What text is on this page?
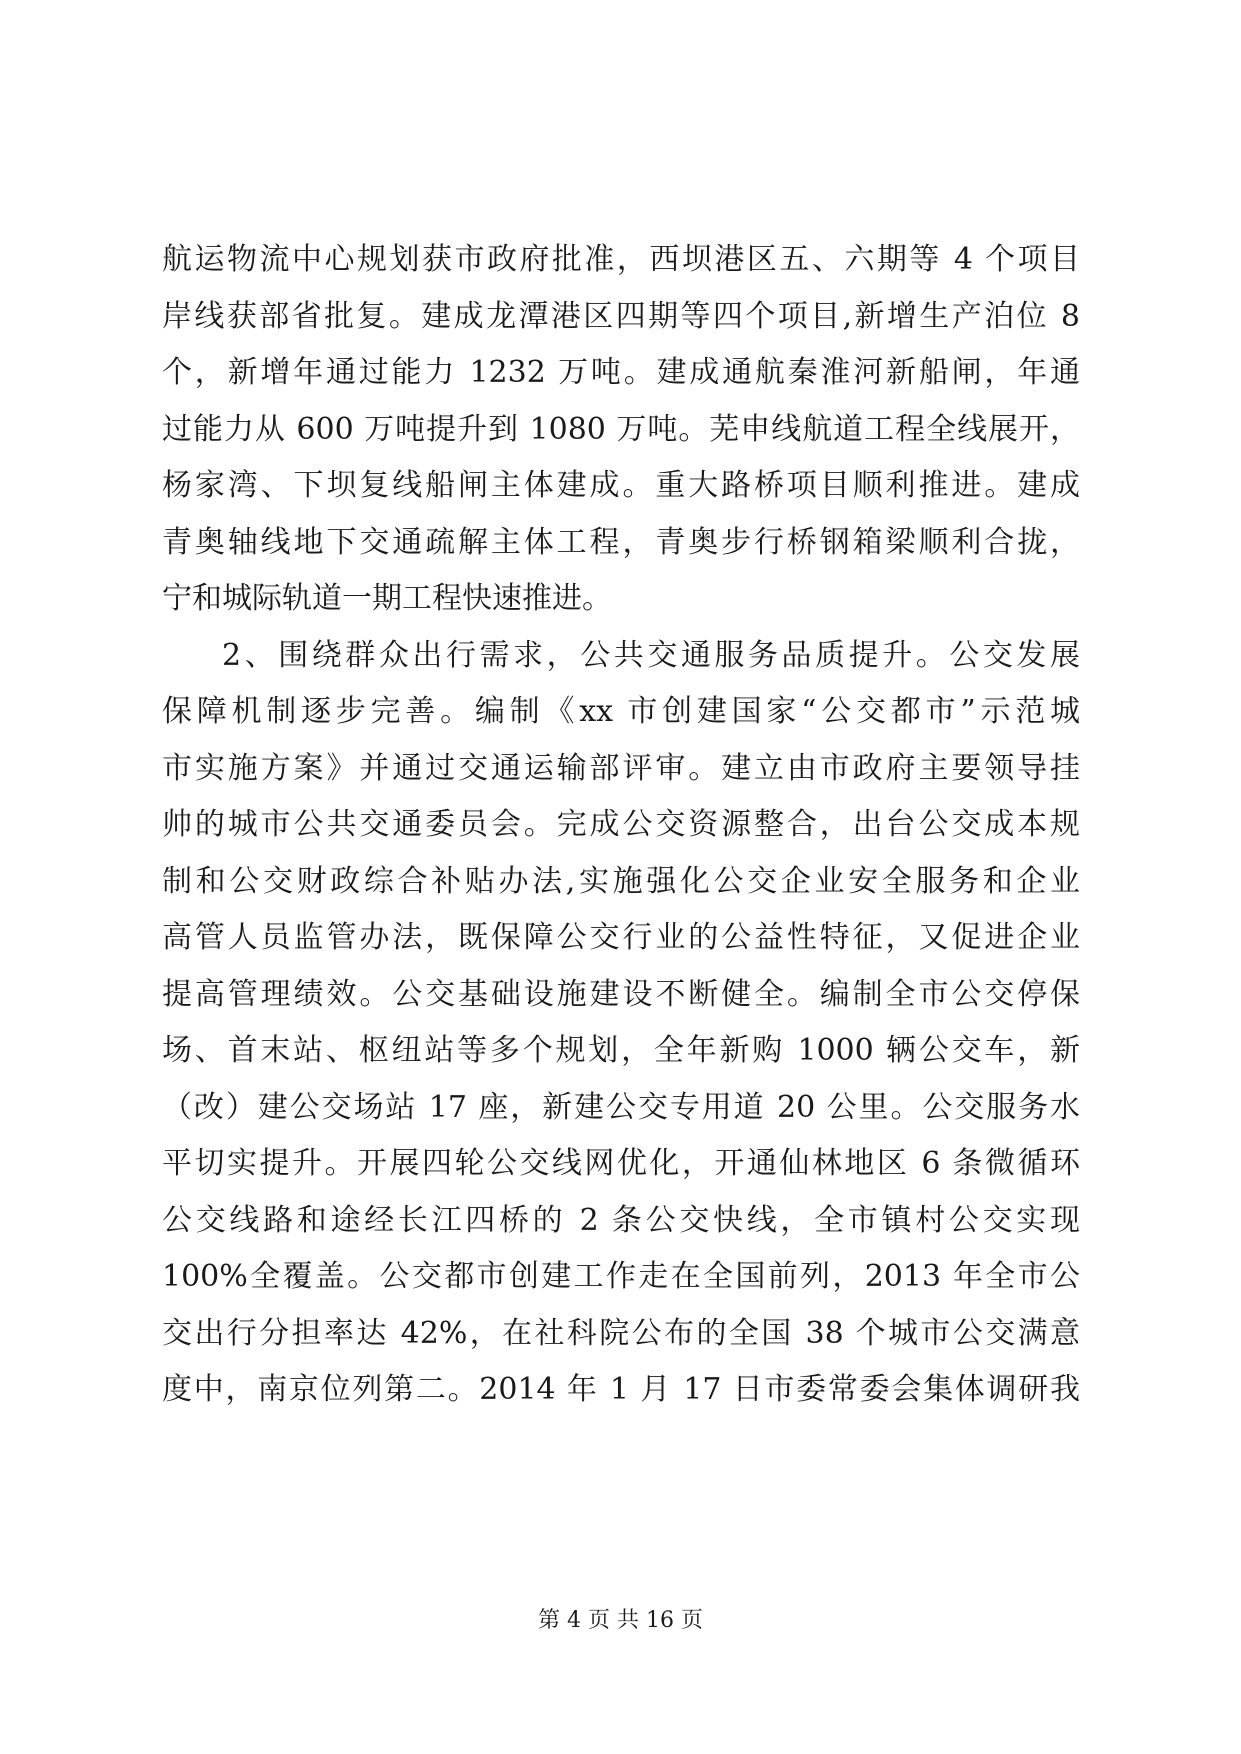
航运物流中心规划获市政府批准，西坝港区五、六期等 4 个项目
岸线获部省批复。建成龙潭港区四期等四个项目,新增生产泊位 8
个，新增年通过能力 1232 万吨。建成通航秦淮河新船闸，年通
过能力从 600 万吨提升到 1080 万吨。芜申线航道工程全线展开，
杨家湾、下坝复线船闸主体建成。重大路桥项目顺利推进。建成
青奥轴线地下交通疏解主体工程，青奥步行桥钢箱梁顺利合拢，
宁和城际轨道一期工程快速推进。
2、围绕群众出行需求，公共交通服务品质提升。公交发展
保障机制逐步完善。编制《xx 市创建国家“公交都市”示范城
市实施方案》并通过交通运输部评审。建立由市政府主要领导挂
帅的城市公共交通委员会。完成公交资源整合，出台公交成本规
制和公交财政综合补贴办法,实施强化公交企业安全服务和企业
高管人员监管办法，既保障公交行业的公益性特征，又促进企业
提高管理绩效。公交基础设施建设不断健全。编制全市公交停保
场、首末站、枢纽站等多个规划，全年新购 1000 辆公交车，新
（改）建公交场站 17 座，新建公交专用道 20 公里。公交服务水
平切实提升。开展四轮公交线网优化，开通仙林地区 6 条微循环
公交线路和途经长江四桥的 2 条公交快线，全市镇村公交实现
100%全覆盖。公交都市创建工作走在全国前列，2013 年全市公
交出行分担率达 42%，在社科院公布的全国 38 个城市公交满意
度中，南京位列第二。2014 年 1 月 17 日市委常委会集体调研我
第 4 页 共 16 页
